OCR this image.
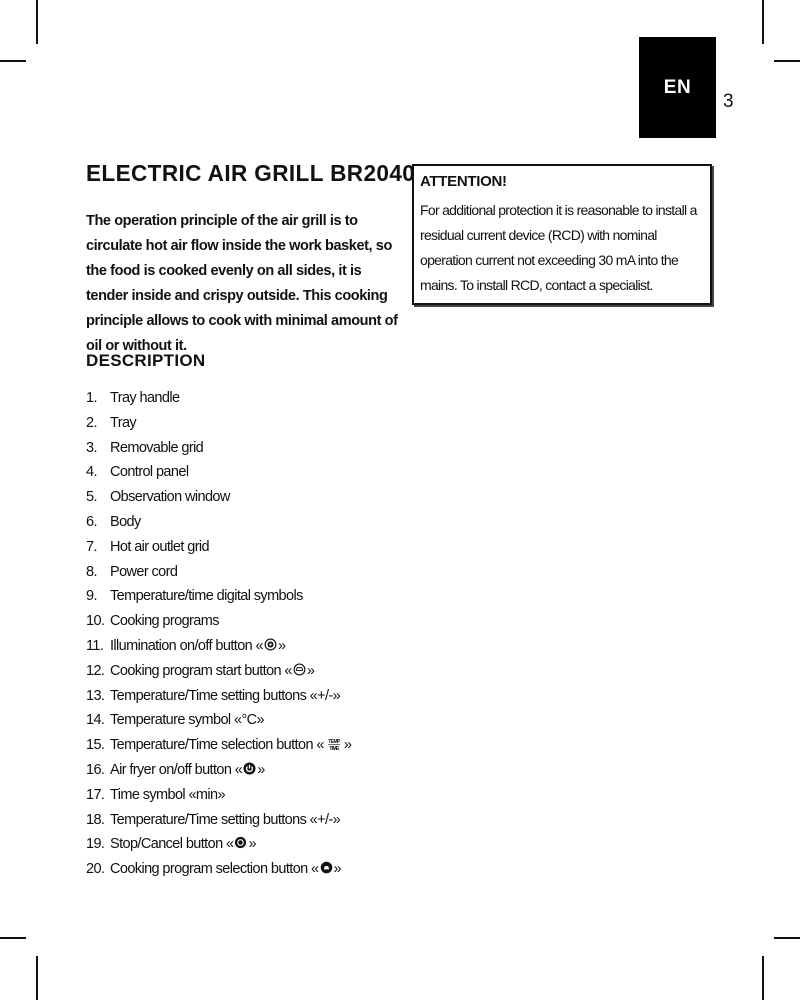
EN
3
ELECTRIC AIR GRILL BR2040

The operation principle of the air grill is to circulate hot air flow inside the work basket, so the food is cooked evenly on all sides, it is tender inside and crispy outside. This cooking principle allows to cook with minimal amount of oil or without it.

DESCRIPTION
1. Tray handle
2. Tray
3. Removable grid
4. Control panel
5. Observation window
6. Body
7. Hot air outlet grid
8. Power cord
9. Temperature/time digital symbols
10. Cooking programs
11. Illumination on/off button « »
12. Cooking program start button « »
13. Temperature/Time setting buttons «+/-»
14. Temperature symbol «°C»
15. Temperature/Time selection button « TEMP
TIME »
16. Air fryer on/off button « »
17. Time symbol «min»
18. Temperature/Time setting buttons «+/-»
19. Stop/Cancel button « »
20. Cooking program selection button « »

ATTENTION!

For additional protection it is reasonable to install a residual current device (RCD) with nominal operation current not exceeding 30 mA into the mains. To install RCD, contact a specialist.
